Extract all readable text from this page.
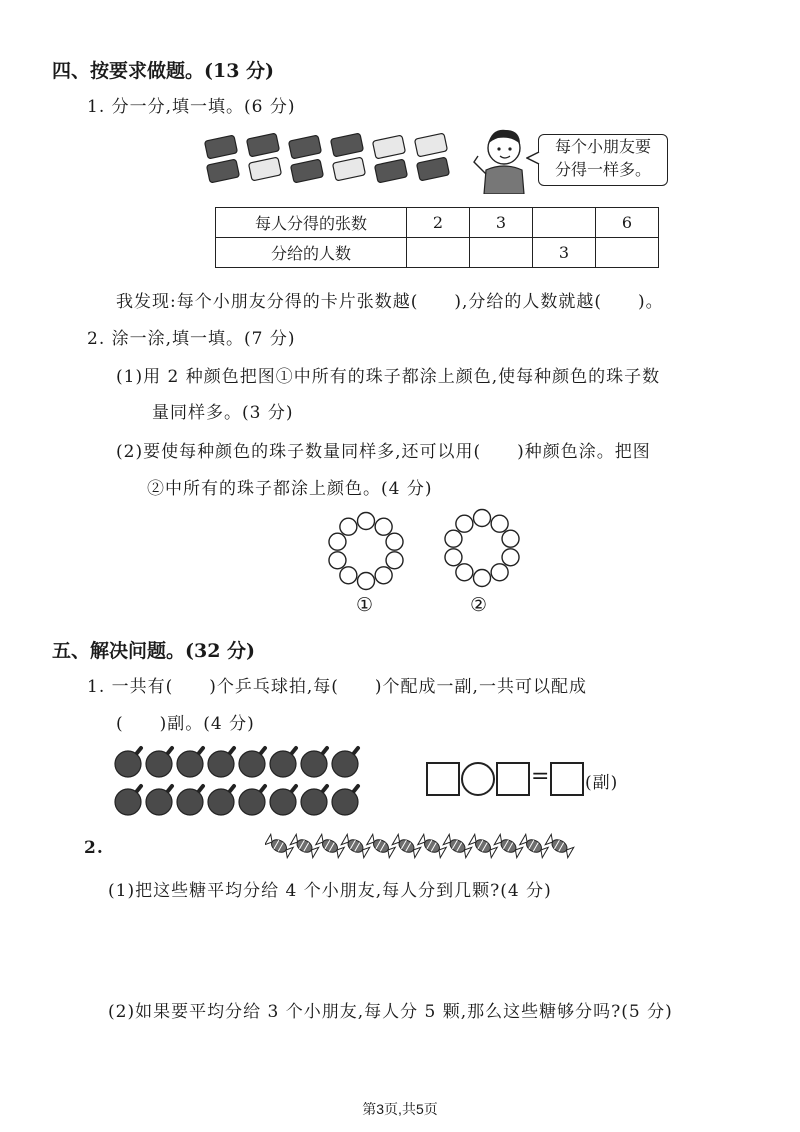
四、按要求做题。(13 分)
1. 分一分,填一填。(6 分)
每个小朋友要
分得一样多。
每人分得的张数	2	3		6
分给的人数			3	
我发现:每个小朋友分得的卡片张数越(　　),分给的人数就越(　　)。
2. 涂一涂,填一填。(7 分)
(1)用 2 种颜色把图①中所有的珠子都涂上颜色,使每种颜色的珠子数
量同样多。(3 分)
(2)要使每种颜色的珠子数量同样多,还可以用(　　)种颜色涂。把图
②中所有的珠子都涂上颜色。(4 分)
①	②
五、解决问题。(32 分)
1. 一共有(　　)个乒乓球拍,每(　　)个配成一副,一共可以配成
(　　)副。(4 分)
= (副)
2.
(1)把这些糖平均分给 4 个小朋友,每人分到几颗?(4 分)
(2)如果要平均分给 3 个小朋友,每人分 5 颗,那么这些糖够分吗?(5 分)
第3页,共5页
